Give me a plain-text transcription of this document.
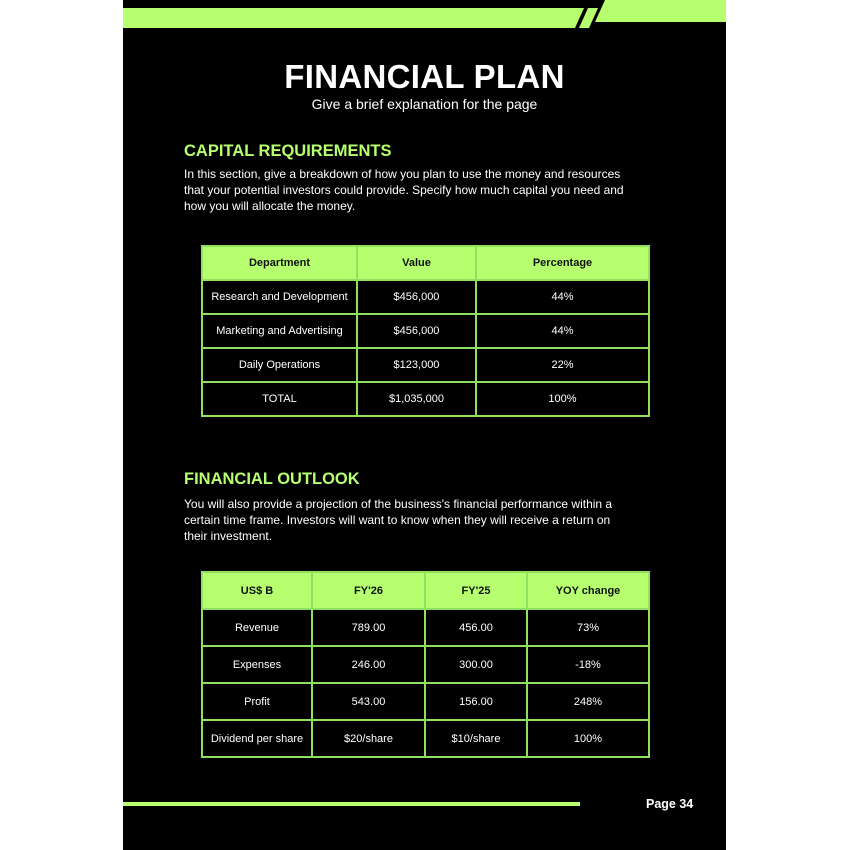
FINANCIAL PLAN
Give a brief explanation for the page
CAPITAL REQUIREMENTS
In this section, give a breakdown of how you plan to use the money and resources
that your potential investors could provide. Specify how much capital you need and
how you will allocate the money.
Department	Value	Percentage
Research and Development	$456,000	44%
Marketing and Advertising	$456,000	44%
Daily Operations	$123,000	22%
TOTAL	$1,035,000	100%
FINANCIAL OUTLOOK
You will also provide a projection of the business's financial performance within a
certain time frame. Investors will want to know when they will receive a return on
their investment.
US$ B	FY'26	FY'25	YOY change
Revenue	789.00	456.00	73%
Expenses	246.00	300.00	-18%
Profit	543.00	156.00	248%
Dividend per share	$20/share	$10/share	100%
Page 34
